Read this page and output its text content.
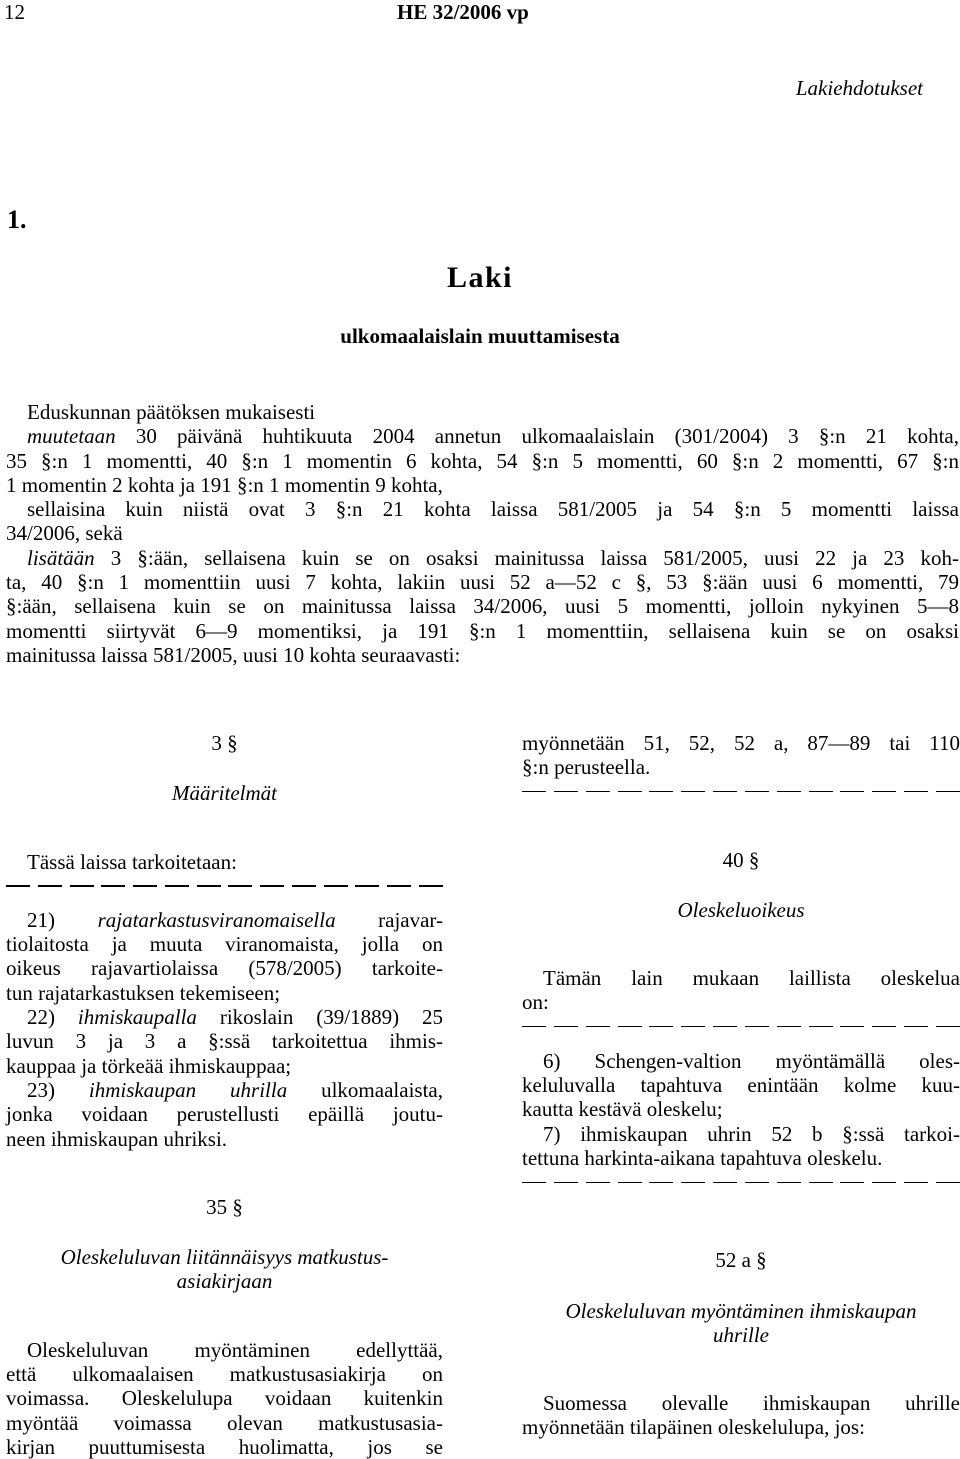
12	HE 32/2006 vp
Lakiehdotukset
1.
Laki
ulkomaalaislain muuttamisesta
Eduskunnan päätöksen mukaisesti
muutetaan 30 päivänä huhtikuuta 2004 annetun ulkomaalaislain (301/2004) 3 §:n 21 kohta,
35 §:n 1 momentti, 40 §:n 1 momentin 6 kohta, 54 §:n 5 momentti, 60 §:n 2 momentti, 67 §:n
1 momentin 2 kohta ja 191 §:n 1 momentin 9 kohta,
sellaisina kuin niistä ovat 3 §:n 21 kohta laissa 581/2005 ja 54 §:n 5 momentti laissa
34/2006, sekä
lisätään 3 §:ään, sellaisena kuin se on osaksi mainitussa laissa 581/2005, uusi 22 ja 23 koh-
ta, 40 §:n 1 momenttiin uusi 7 kohta, lakiin uusi 52 a—52 c §, 53 §:ään uusi 6 momentti, 79
§:ään, sellaisena kuin se on mainitussa laissa 34/2006, uusi 5 momentti, jolloin nykyinen 5—8
momentti siirtyvät 6—9 momentiksi, ja 191 §:n 1 momenttiin, sellaisena kuin se on osaksi
mainitussa laissa 581/2005, uusi 10 kohta seuraavasti:
3 §
Määritelmät
Tässä laissa tarkoitetaan:
21) rajatarkastusviranomaisella rajavar-
tiolaitosta ja muuta viranomaista, jolla on
oikeus rajavartiolaissa (578/2005) tarkoite-
tun rajatarkastuksen tekemiseen;
22) ihmiskaupalla rikoslain (39/1889) 25
luvun 3 ja 3 a §:ssä tarkoitettua ihmis-
kauppaa ja törkeää ihmiskauppaa;
23) ihmiskaupan uhrilla ulkomaalaista,
jonka voidaan perustellusti epäillä joutu-
neen ihmiskaupan uhriksi.
35 §
Oleskeluluvan liitännäisyys matkustus-
asiakirjaan
Oleskeluluvan myöntäminen edellyttää,
että ulkomaalaisen matkustusasiakirja on
voimassa. Oleskelulupa voidaan kuitenkin
myöntää voimassa olevan matkustusasia-
kirjan puuttumisesta huolimatta, jos se
myönnetään 51, 52, 52 a, 87—89 tai 110
§:n perusteella.
40 §
Oleskeluoikeus
Tämän lain mukaan laillista oleskelua
on:
6) Schengen-valtion myöntämällä oles-
keluluvalla tapahtuva enintään kolme kuu-
kautta kestävä oleskelu;
7) ihmiskaupan uhrin 52 b §:ssä tarkoi-
tettuna harkinta-aikana tapahtuva oleskelu.
52 a §
Oleskeluluvan myöntäminen ihmiskaupan
uhrille
Suomessa olevalle ihmiskaupan uhrille
myönnetään tilapäinen oleskelulupa, jos:
